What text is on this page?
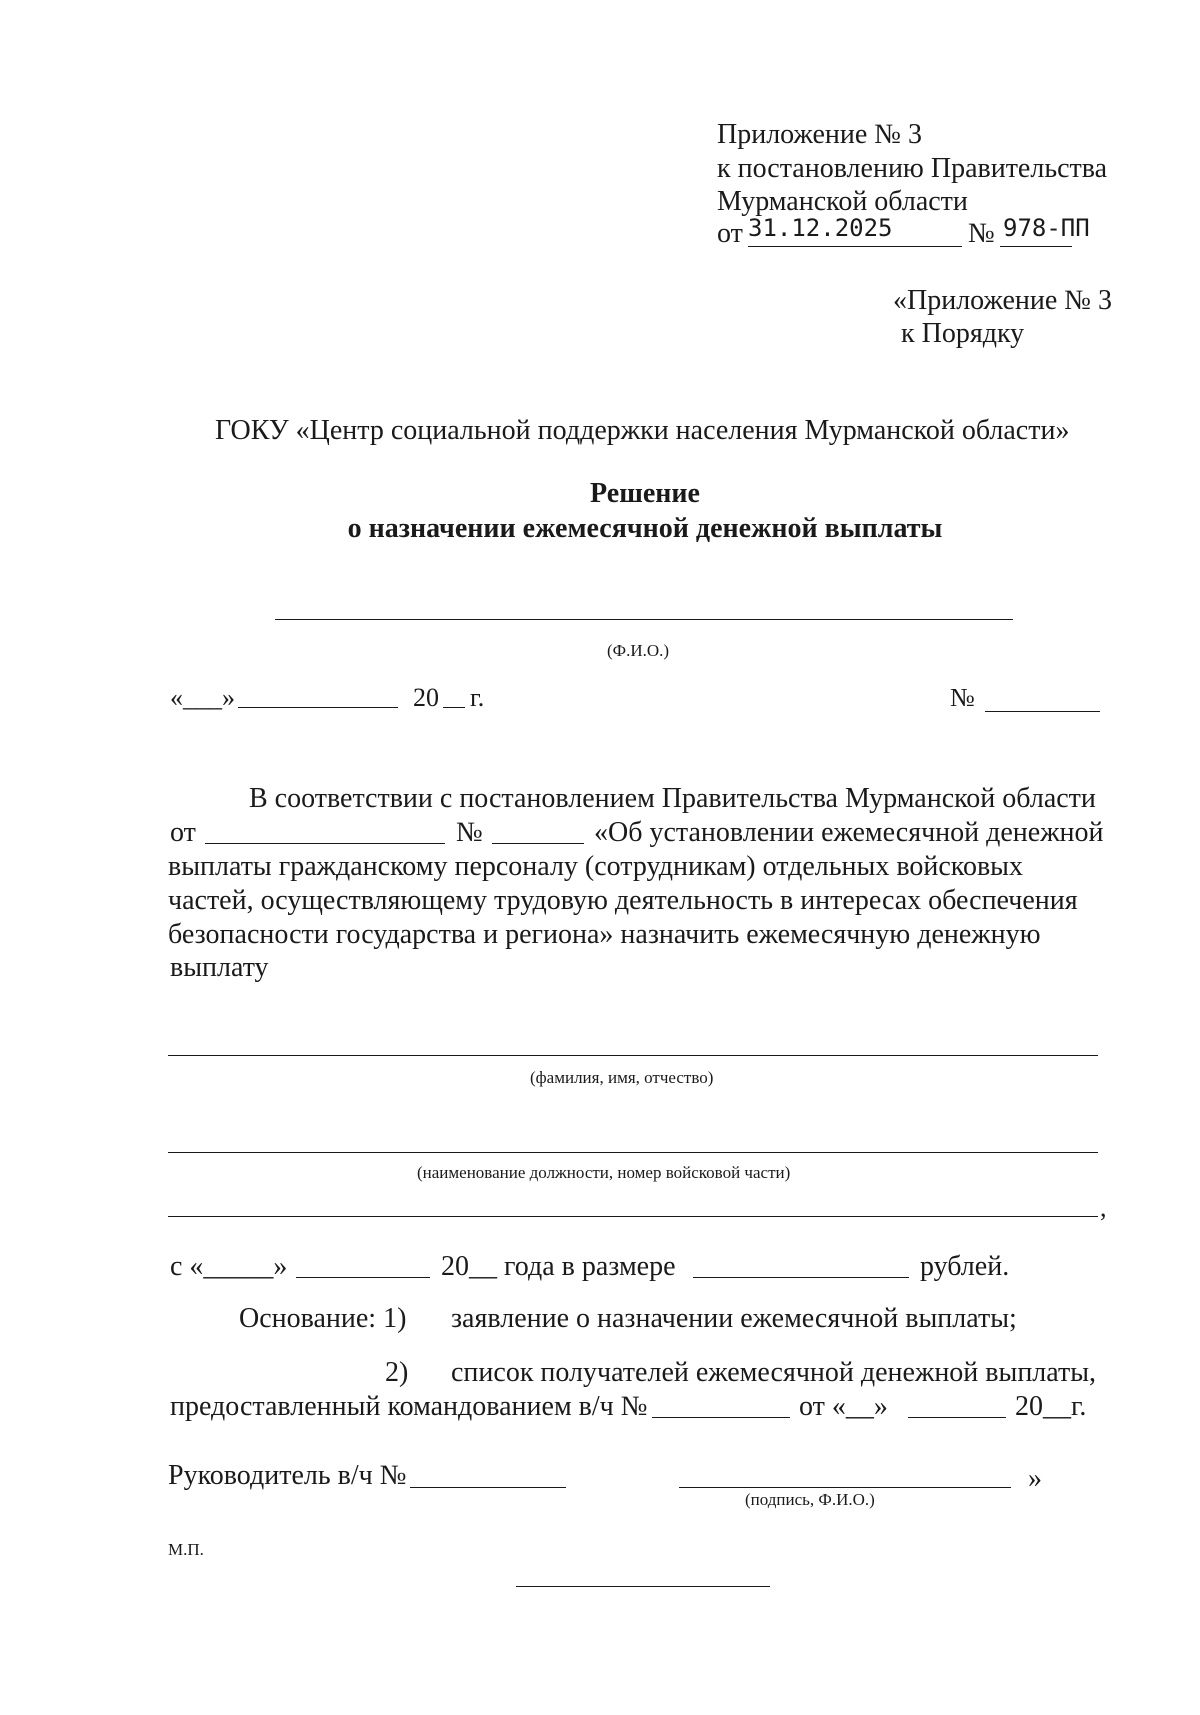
Приложение № 3
к постановлению Правительства
Мурманской области
от 31.12.2025	№ 978-ПП
«Приложение № 3
к Порядку
ГОКУ «Центр социальной поддержки населения Мурманской области»
Решение
о назначении ежемесячной денежной выплаты
(Ф.И.О.)
«___»	20 г.	№
В соответствии с постановлением Правительства Мурманской области
от	№	«Об установлении ежемесячной денежной
выплаты гражданскому персоналу (сотрудникам) отдельных войсковых
частей, осуществляющему трудовую деятельность в интересах обеспечения
безопасности государства и региона» назначить ежемесячную денежную
выплату
(фамилия, имя, отчество)
(наименование должности, номер войсковой части)
,
с «_____»	20__ года в размере	рублей.
Основание: 1) заявление о назначении ежемесячной выплаты;
2) список получателей ежемесячной денежной выплаты,
предоставленный командованием в/ч №	от «__»	20__г.
Руководитель в/ч №	»
(подпись, Ф.И.О.)
М.П.
